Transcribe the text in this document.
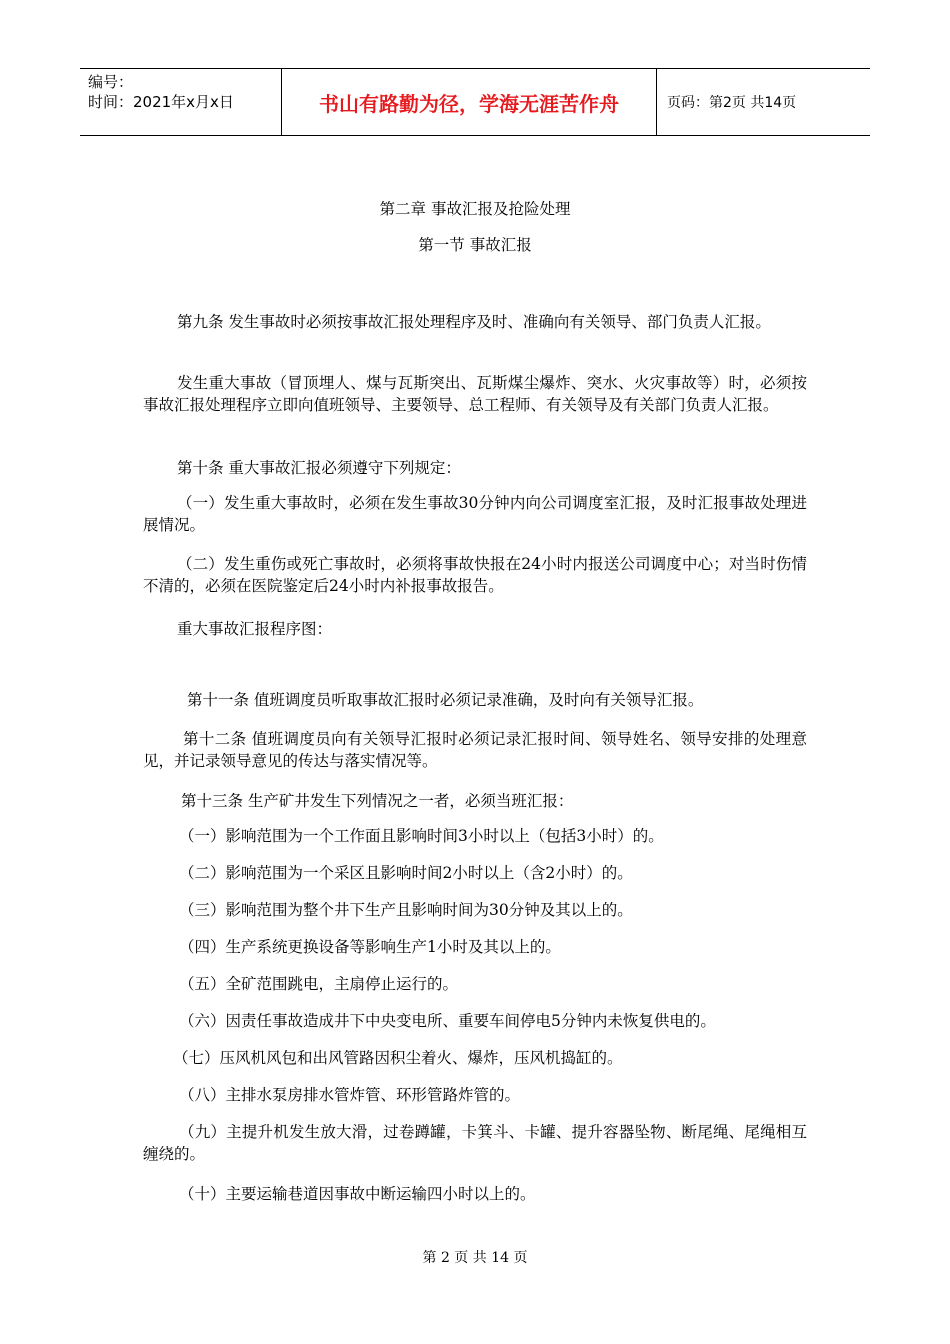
编号：
时间：2021年x月x日	书山有路勤为径，学海无涯苦作舟	页码：第2页 共14页
第二章 事故汇报及抢险处理
第一节 事故汇报
第九条 发生事故时必须按事故汇报处理程序及时、准确向有关领导、部门负责人汇报。
发生重大事故（冒顶埋人、煤与瓦斯突出、瓦斯煤尘爆炸、突水、火灾事故等）时，必须按事故汇报处理程序立即向值班领导、主要领导、总工程师、有关领导及有关部门负责人汇报。
第十条 重大事故汇报必须遵守下列规定：
（一）发生重大事故时，必须在发生事故30分钟内向公司调度室汇报，及时汇报事故处理进展情况。
（二）发生重伤或死亡事故时，必须将事故快报在24小时内报送公司调度中心；对当时伤情不清的，必须在医院鉴定后24小时内补报事故报告。
重大事故汇报程序图：
第十一条 值班调度员听取事故汇报时必须记录准确，及时向有关领导汇报。
第十二条 值班调度员向有关领导汇报时必须记录汇报时间、领导姓名、领导安排的处理意见，并记录领导意见的传达与落实情况等。
第十三条 生产矿井发生下列情况之一者，必须当班汇报：
（一）影响范围为一个工作面且影响时间3小时以上（包括3小时）的。
（二）影响范围为一个采区且影响时间2小时以上（含2小时）的。
（三）影响范围为整个井下生产且影响时间为30分钟及其以上的。
（四）生产系统更换设备等影响生产1小时及其以上的。
（五）全矿范围跳电，主扇停止运行的。
（六）因责任事故造成井下中央变电所、重要车间停电5分钟内未恢复供电的。
（七）压风机风包和出风管路因积尘着火、爆炸，压风机捣缸的。
（八）主排水泵房排水管炸管、环形管路炸管的。
（九）主提升机发生放大滑，过卷蹲罐，卡箕斗、卡罐、提升容器坠物、断尾绳、尾绳相互缠绕的。
（十）主要运输巷道因事故中断运输四小时以上的。
第 2 页 共 14 页
